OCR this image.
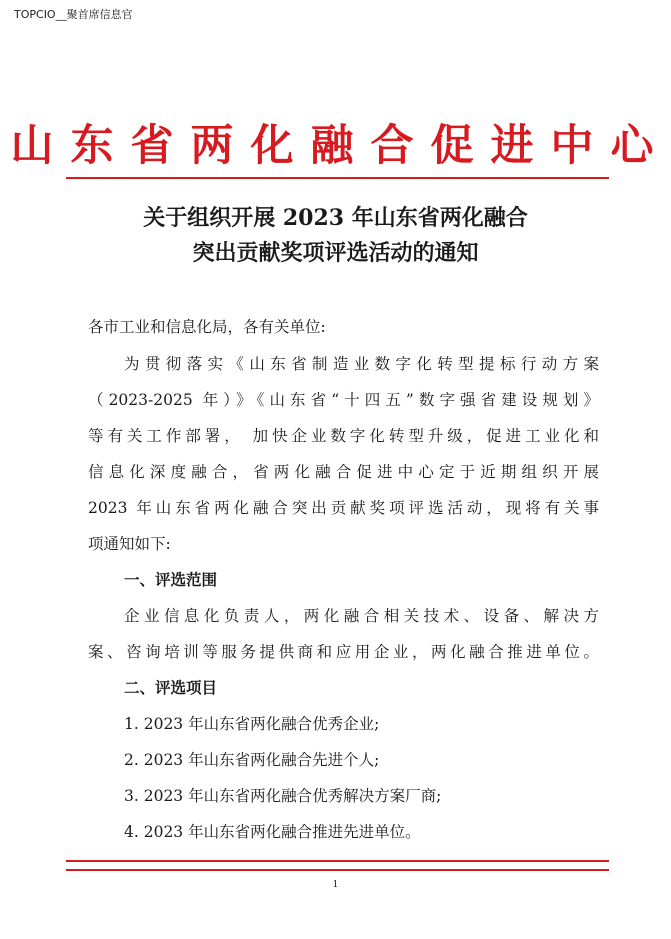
TOPCIO__聚首席信息官
山东省两化融合促进中心
关于组织开展 2023 年山东省两化融合
突出贡献奖项评选活动的通知
各市工业和信息化局，各有关单位:
为贯彻落实《山东省制造业数字化转型提标行动方案
（2023-2025 年）》《山东省“十四五”数字强省建设规划》
等有关工作部署， 加快企业数字化转型升级，促进工业化和
信息化深度融合，省两化融合促进中心定于近期组织开展
2023 年山东省两化融合突出贡献奖项评选活动，现将有关事
项通知如下:
一、评选范围
企业信息化负责人，两化融合相关技术、设备、解决方
案、咨询培训等服务提供商和应用企业，两化融合推进单位。
二、评选项目
1. 2023 年山东省两化融合优秀企业;
2. 2023 年山东省两化融合先进个人;
3. 2023 年山东省两化融合优秀解决方案厂商;
4. 2023 年山东省两化融合推进先进单位。
1
